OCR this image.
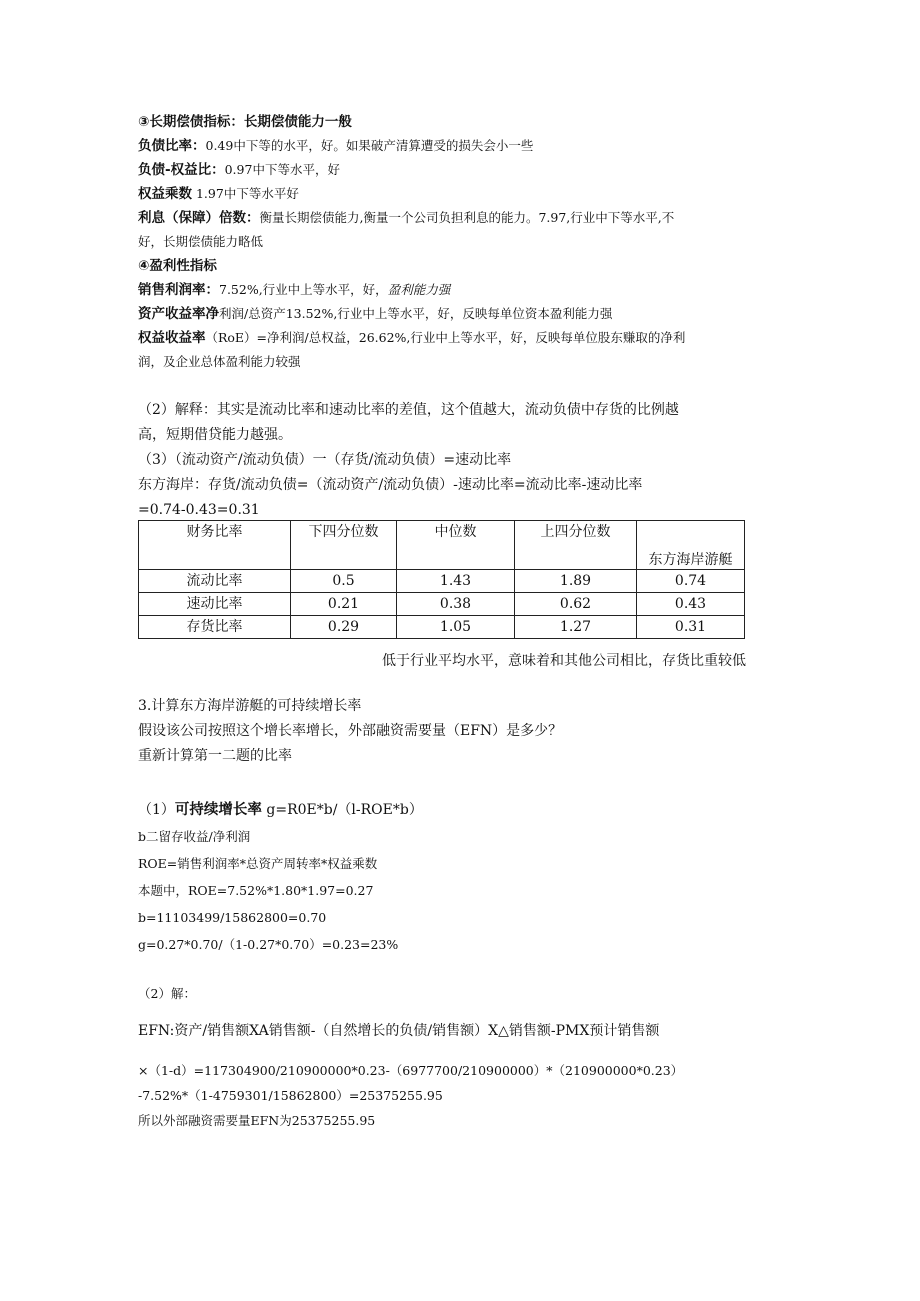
③长期偿债指标：长期偿债能力一般
负债比率：0.49中下等的水平，好。如果破产清算遭受的损失会小一些
负债-权益比：0.97中下等水平，好
权益乘数 1.97中下等水平好
利息（保障）倍数：衡量长期偿债能力,衡量一个公司负担利息的能力。7.97,行业中下等水平,不
好，长期偿债能力略低
④盈利性指标
销售利润率：7.52%,行业中上等水平，好，盈利能力强
资产收益率净利润/总资产13.52%,行业中上等水平，好，反映每单位资本盈利能力强
权益收益率（RoE）=净利润/总权益，26.62%,行业中上等水平，好，反映每单位股东赚取的净利
润，及企业总体盈利能力较强
（2）解释：其实是流动比率和速动比率的差值，这个值越大，流动负债中存货的比例越
高，短期借贷能力越强。
（3）（流动资产/流动负债）一（存货/流动负债）=速动比率
东方海岸：存货/流动负债=（流动资产/流动负债）-速动比率=流动比率-速动比率
=0.74-0.43=0.31
财务比率	下四分位数	中位数	上四分位数	东方海岸游艇
流动比率	0.5	1.43	1.89	0.74
速动比率	0.21	0.38	0.62	0.43
存货比率	0.29	1.05	1.27	0.31
低于行业平均水平，意味着和其他公司相比，存货比重较低
3.计算东方海岸游艇的可持续增长率
假设该公司按照这个增长率增长，外部融资需要量（EFN）是多少？
重新计算第一二题的比率
（1）可持续增长率 g=R0E*b∕（l-ROE*b）
b二留存收益/净利润
ROE=销售利润率*总资产周转率*权益乘数
本题中，ROE=7.52%*1.80*1.97=0.27
b=11103499/15862800=0.70
g=0.27*0.70/（1-0.27*0.70）=0.23=23%
（2）解：
EFN:资产/销售额XA销售额-（自然增长的负债/销售额）X△销售额-PMX预计销售额
×（1-d）=117304900/210900000*0.23-（6977700/210900000）*（210900000*0.23）
-7.52%*（1-4759301/15862800）=25375255.95
所以外部融资需要量EFN为25375255.95
